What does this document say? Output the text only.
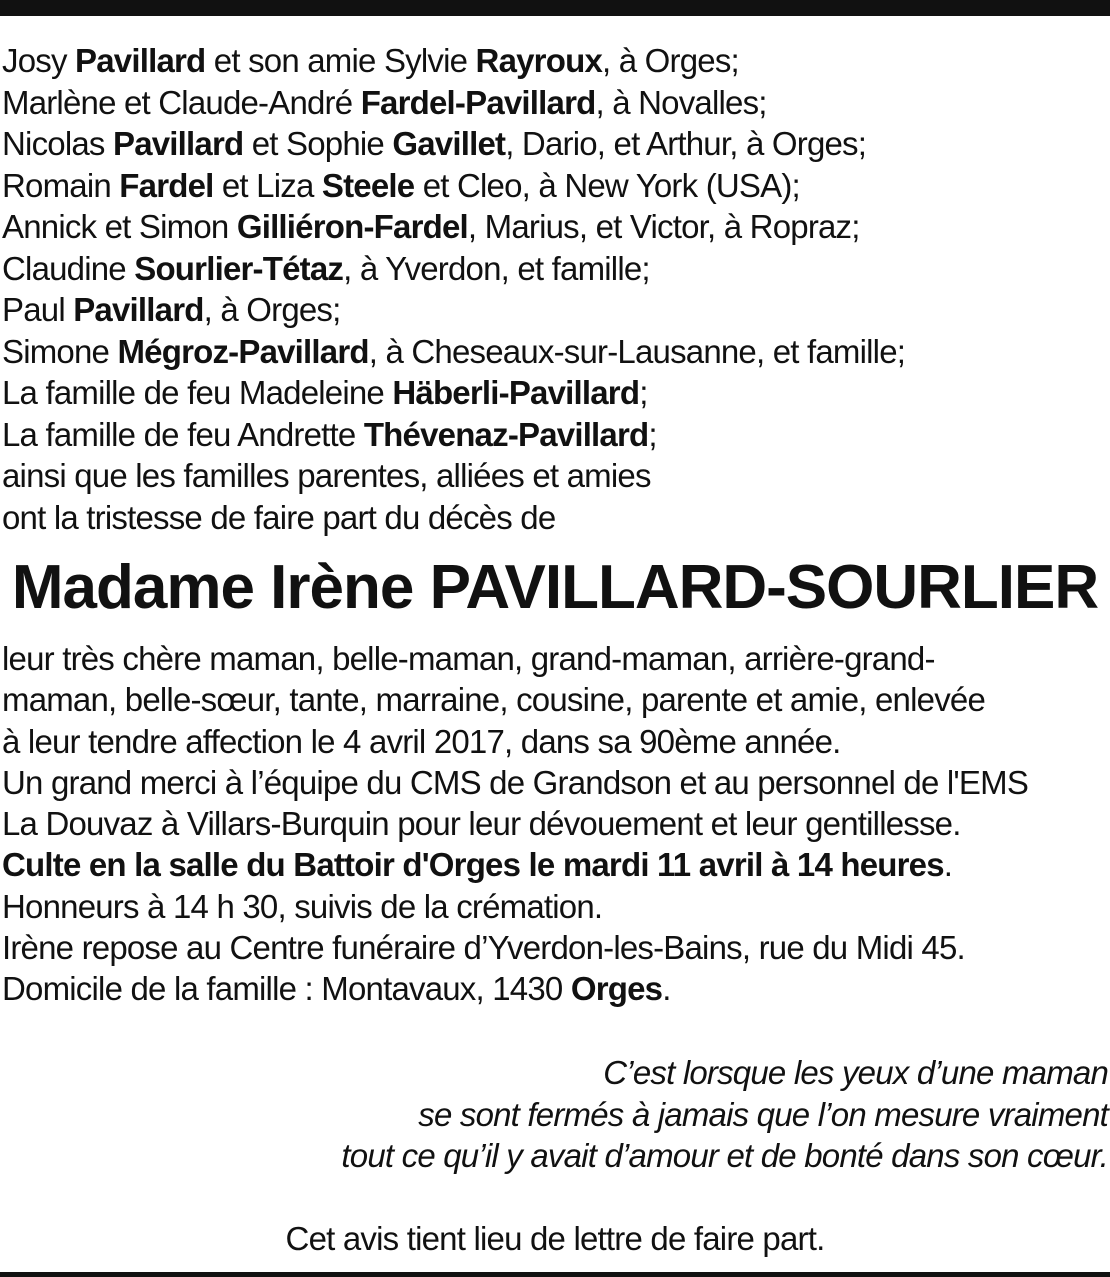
Josy Pavillard et son amie Sylvie Rayroux, à Orges;
Marlène et Claude-André Fardel-Pavillard, à Novalles;
Nicolas Pavillard et Sophie Gavillet, Dario, et Arthur, à Orges;
Romain Fardel et Liza Steele et Cleo, à New York (USA);
Annick et Simon Gilliéron-Fardel, Marius, et Victor, à Ropraz;
Claudine Sourlier-Tétaz, à Yverdon, et famille;
Paul Pavillard, à Orges;
Simone Mégroz-Pavillard, à Cheseaux-sur-Lausanne, et famille;
La famille de feu Madeleine Häberli-Pavillard;
La famille de feu Andrette Thévenaz-Pavillard;
ainsi que les familles parentes, alliées et amies
ont la tristesse de faire part du décès de
Madame Irène PAVILLARD-SOURLIER
leur très chère maman, belle-maman, grand-maman, arrière-grand-
maman, belle-sœur, tante, marraine, cousine, parente et amie, enlevée
à leur tendre affection le 4 avril 2017, dans sa 90ème année.
Un grand merci à l’équipe du CMS de Grandson et au personnel de l'EMS
La Douvaz à Villars-Burquin pour leur dévouement et leur gentillesse.
Culte en la salle du Battoir d'Orges le mardi 11 avril à 14 heures.
Honneurs à 14 h 30, suivis de la crémation.
Irène repose au Centre funéraire d’Yverdon-les-Bains, rue du Midi 45.
Domicile de la famille : Montavaux, 1430 Orges.
C’est lorsque les yeux d’une maman
se sont fermés à jamais que l’on mesure vraiment
tout ce qu’il y avait d’amour et de bonté dans son cœur.
Cet avis tient lieu de lettre de faire part.
